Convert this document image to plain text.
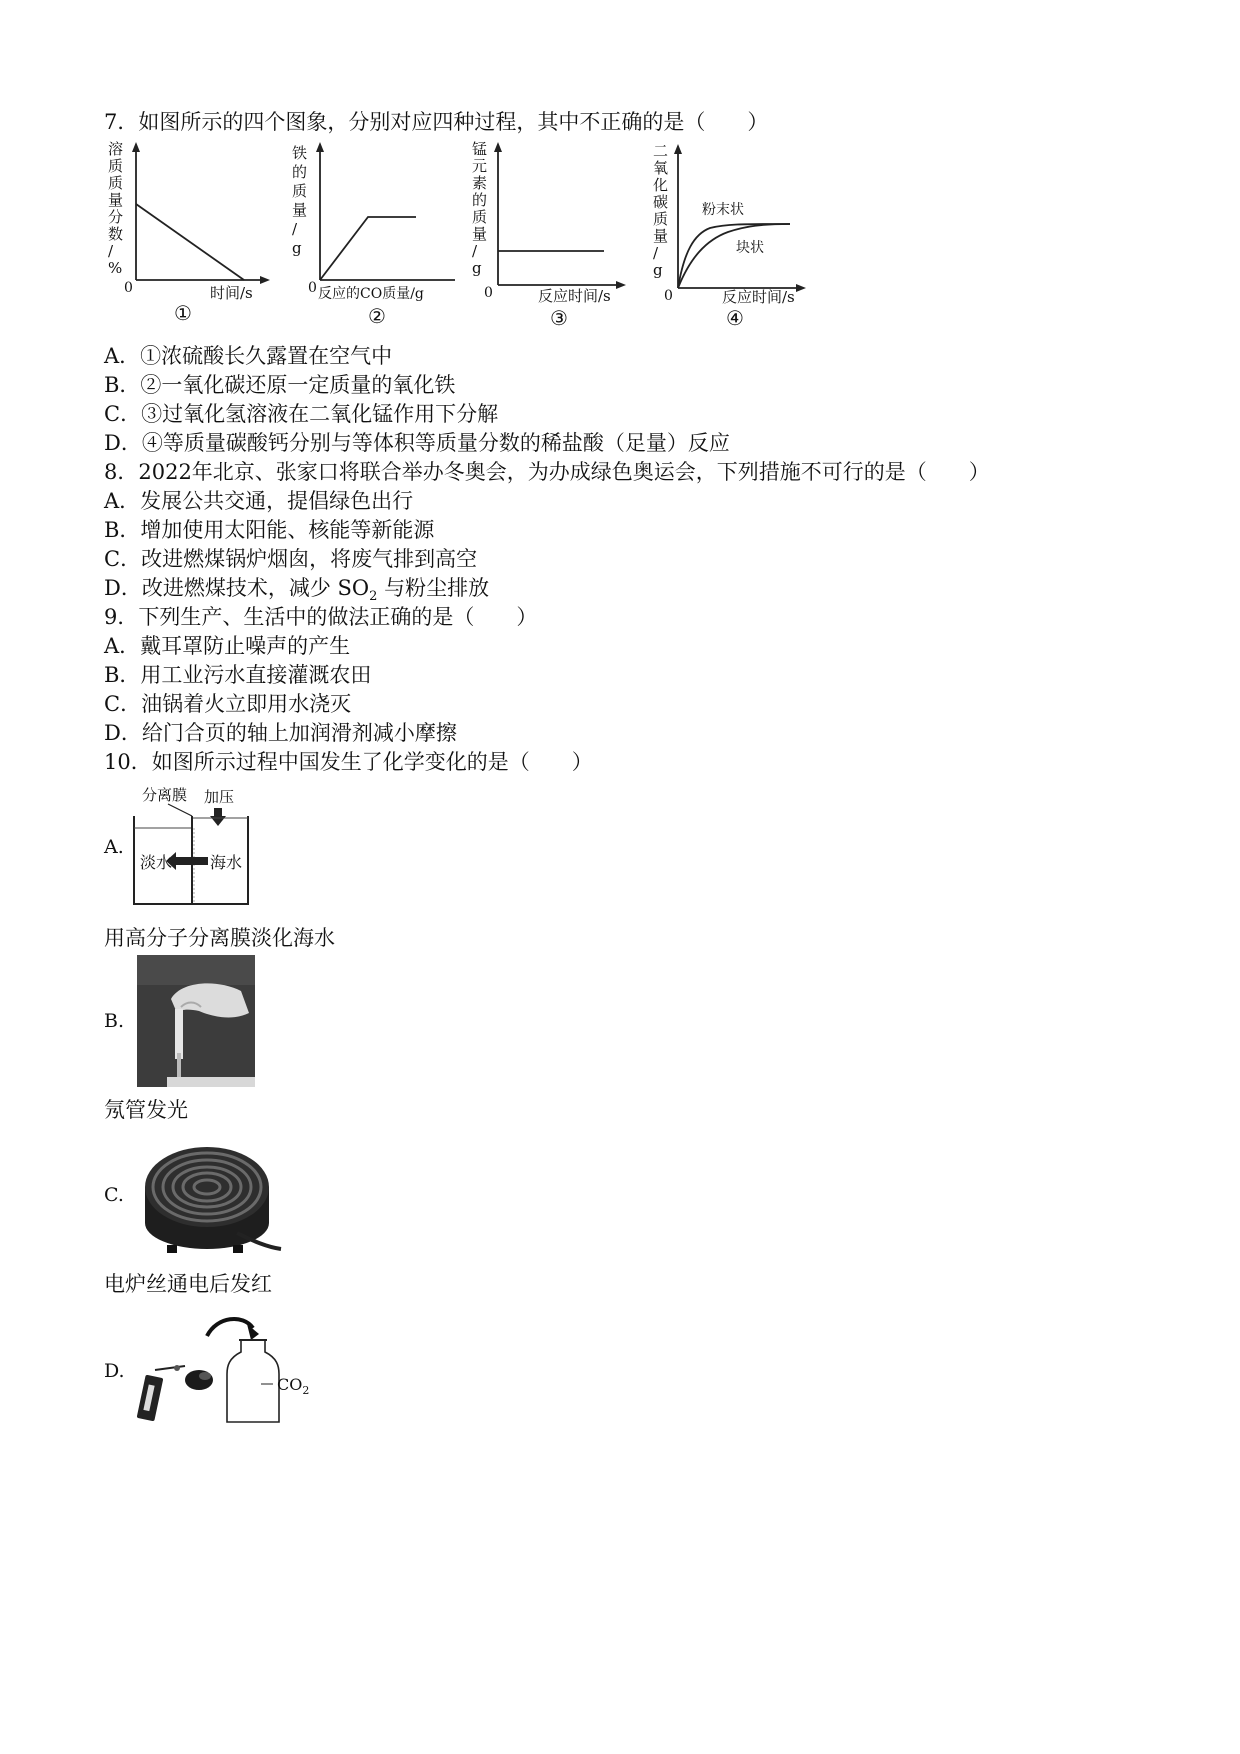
7．如图所示的四个图象，分别对应四种过程，其中不正确的是（　　）
溶
质
质
量
分
数
/
%
0	时间/s
①
铁
的
质
量
/
g
0 反应的CO质量/g
②
锰
元
素
的
质
量
/
g
0	反应时间/s
③
二
氧
化
碳
质
量
/
g
粉末状
块状
0	反应时间/s
④
A．①浓硫酸长久露置在空气中
B．②一氧化碳还原一定质量的氧化铁
C．③过氧化氢溶液在二氧化锰作用下分解
D．④等质量碳酸钙分别与等体积等质量分数的稀盐酸（足量）反应
8．2022年北京、张家口将联合举办冬奥会，为办成绿色奥运会，下列措施不可行的是（　　）
A．发展公共交通，提倡绿色出行
B．增加使用太阳能、核能等新能源
C．改进燃煤锅炉烟囱，将废气排到高空
D．改进燃煤技术，减少 $SO_2$ 与粉尘排放
9．下列生产、生活中的做法正确的是（　　）
A．戴耳罩防止噪声的产生
B．用工业污水直接灌溉农田
C．油锅着火立即用水浇灭
D．给门合页的轴上加润滑剂减小摩擦
10．如图所示过程中国发生了化学变化的是（　　）
A.
分离膜 加压
淡水 海水
用高分子分离膜淡化海水
B.
氖管发光
C.
电炉丝通电后发红
D.
$CO_2$
